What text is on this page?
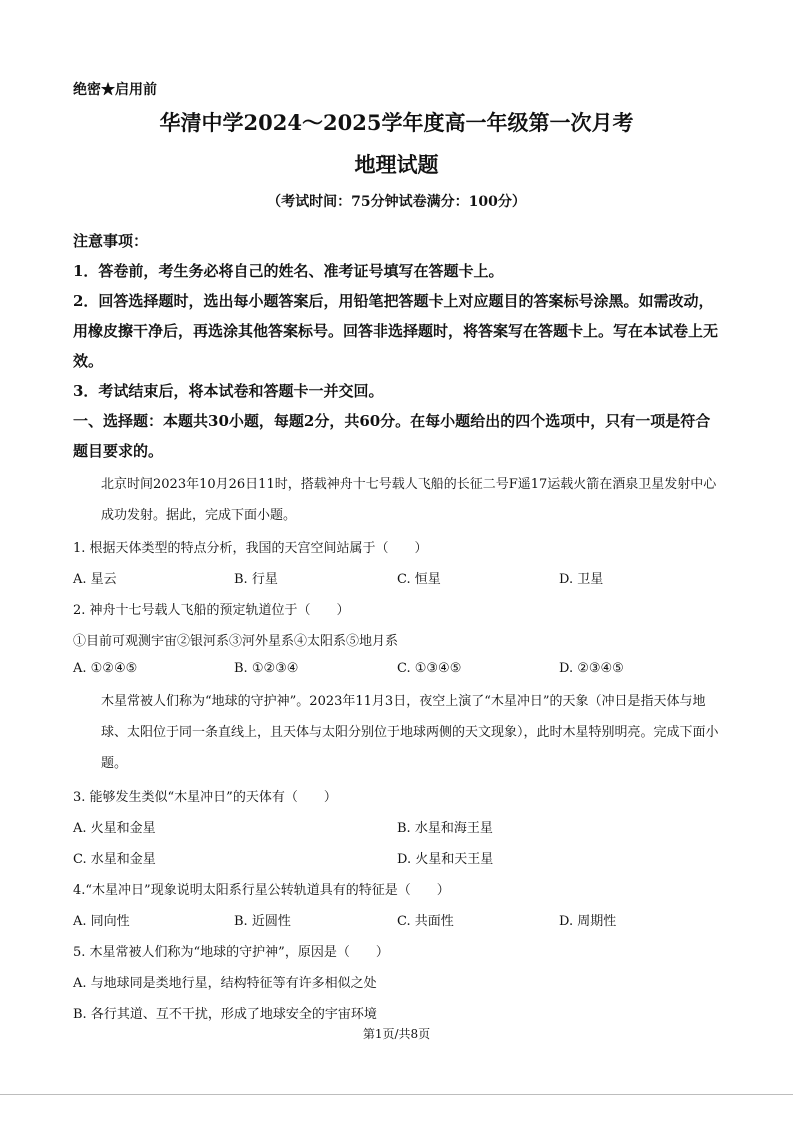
绝密★启用前
华清中学2024～2025学年度高一年级第一次月考
地理试题
（考试时间：75分钟试卷满分：100分）

注意事项：

1．答卷前，考生务必将自己的姓名、准考证号填写在答题卡上。

2．回答选择题时，选出每小题答案后，用铅笔把答题卡上对应题目的答案标号涂黑。如需改动，用橡皮擦干净后，再选涂其他答案标号。回答非选择题时，将答案写在答题卡上。写在本试卷上无效。

3．考试结束后，将本试卷和答题卡一并交回。

一、选择题：本题共30小题，每题2分，共60分。在每小题给出的四个选项中，只有一项是符合题目要求的。

北京时间2023年10月26日11时，搭载神舟十七号载人飞船的长征二号F遥17运载火箭在酒泉卫星发射中心成功发射。据此，完成下面小题。
1. 根据天体类型的特点分析，我国的天宫空间站属于（　　）
A. 星云	B. 行星	C. 恒星	D. 卫星
2. 神舟十七号载人飞船的预定轨道位于（　　）
①目前可观测宇宙②银河系③河外星系④太阳系⑤地月系
A. ①②④⑤	B. ①②③④	C. ①③④⑤	D. ②③④⑤
木星常被人们称为“地球的守护神”。2023年11月3日，夜空上演了“木星冲日”的天象（冲日是指天体与地球、太阳位于同一条直线上，且天体与太阳分别位于地球两侧的天文现象），此时木星特别明亮。完成下面小题。
3. 能够发生类似“木星冲日”的天体有（　　）
A. 火星和金星	B. 水星和海王星
C. 水星和金星	D. 火星和天王星
4.“木星冲日”现象说明太阳系行星公转轨道具有的特征是（　　）
A. 同向性	B. 近圆性	C. 共面性	D. 周期性
5. 木星常被人们称为“地球的守护神”，原因是（　　）
A. 与地球同是类地行星，结构特征等有许多相似之处
B. 各行其道、互不干扰，形成了地球安全的宇宙环境
第1页/共8页
